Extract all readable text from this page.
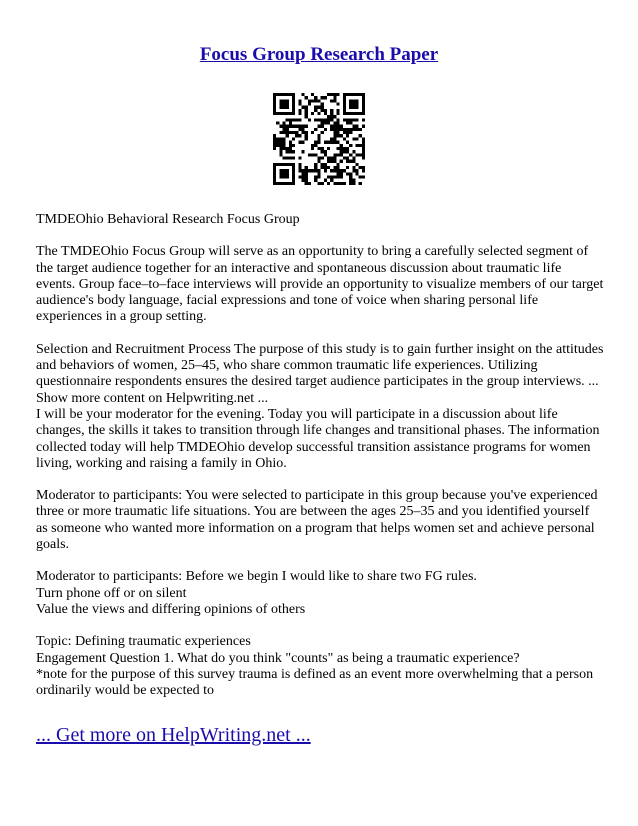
Focus Group Research Paper

TMDEOhio Behavioral Research Focus Group

The TMDEOhio Focus Group will serve as an opportunity to bring a carefully selected segment of the target audience together for an interactive and spontaneous discussion about traumatic life events. Group face–to–face interviews will provide an opportunity to visualize members of our target audience's body language, facial expressions and tone of voice when sharing personal life experiences in a group setting.

Selection and Recruitment Process The purpose of this study is to gain further insight on the attitudes and behaviors of women, 25–45, who share common traumatic life experiences. Utilizing questionnaire respondents ensures the desired target audience participates in the group interviews. ...
Show more content on Helpwriting.net ...

I will be your moderator for the evening. Today you will participate in a discussion about life changes, the skills it takes to transition through life changes and transitional phases. The information collected today will help TMDEOhio develop successful transition assistance programs for women living, working and raising a family in Ohio.

Moderator to participants: You were selected to participate in this group because you've experienced three or more traumatic life situations. You are between the ages 25–35 and you identified yourself as someone who wanted more information on a program that helps women set and achieve personal goals.

Moderator to participants: Before we begin I would like to share two FG rules.
Turn phone off or on silent
Value the views and differing opinions of others

Topic: Defining traumatic experiences
Engagement Question 1. What do you think "counts" as being a traumatic experience?
*note for the purpose of this survey trauma is defined as an event more overwhelming that a person ordinarily would be expected to

... Get more on HelpWriting.net ...
